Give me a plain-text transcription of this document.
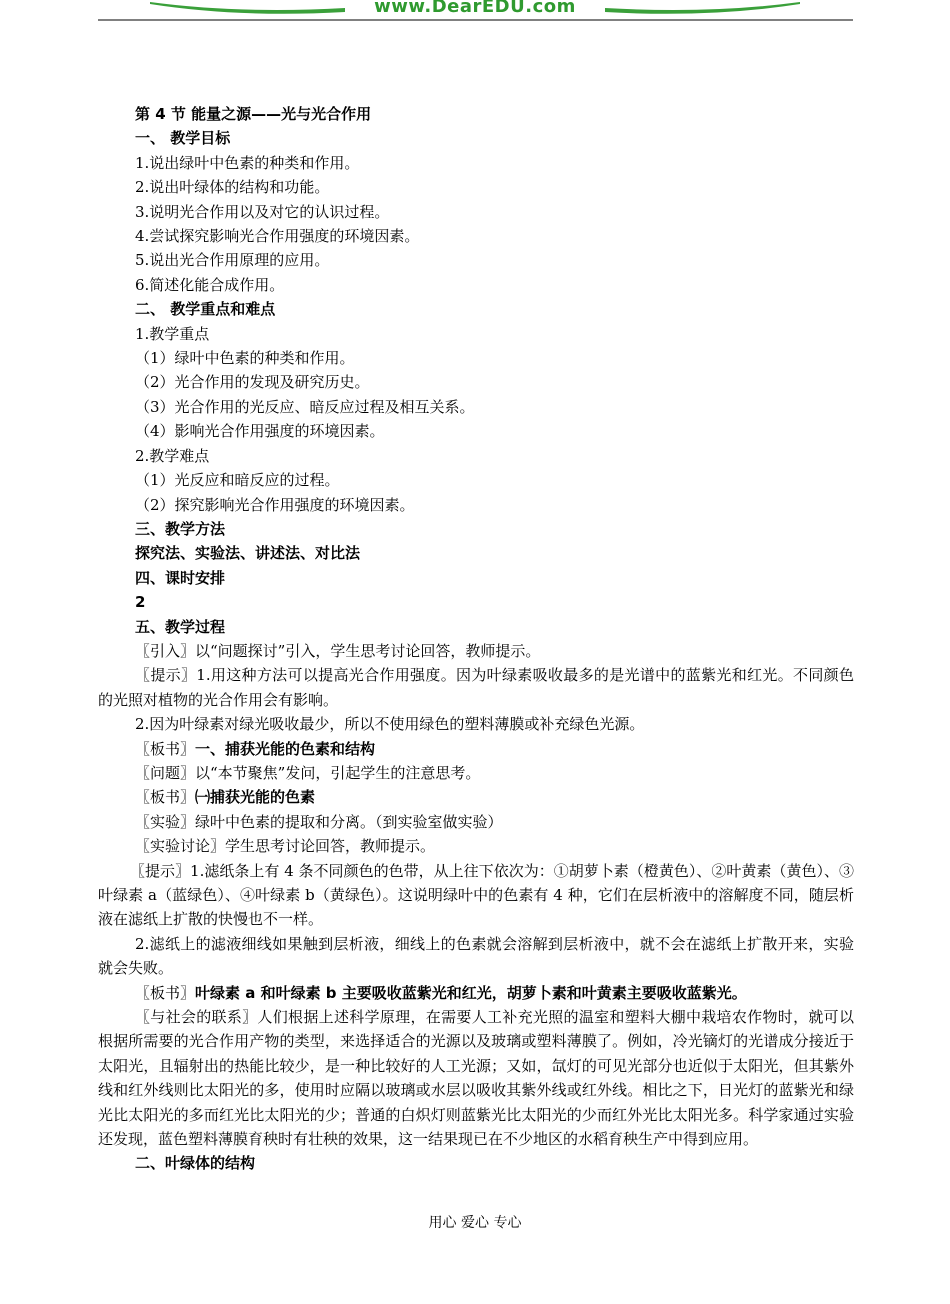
www.DearEDU.com

第 4 节 能量之源——光与光合作用

一、 教学目标

1.说出绿叶中色素的种类和作用。

2.说出叶绿体的结构和功能。

3.说明光合作用以及对它的认识过程。

4.尝试探究影响光合作用强度的环境因素。

5.说出光合作用原理的应用。

6.简述化能合成作用。

二、 教学重点和难点

1.教学重点

（1）绿叶中色素的种类和作用。

（2）光合作用的发现及研究历史。

（3）光合作用的光反应、暗反应过程及相互关系。

（4）影响光合作用强度的环境因素。

2.教学难点

（1）光反应和暗反应的过程。

（2）探究影响光合作用强度的环境因素。

三、教学方法

探究法、实验法、讲述法、对比法

四、课时安排

2

五、教学过程

〖引入〗以“问题探讨”引入，学生思考讨论回答，教师提示。

〖提示〗1.用这种方法可以提高光合作用强度。因为叶绿素吸收最多的是光谱中的蓝紫光和红光。不同颜色的光照对植物的光合作用会有影响。

2.因为叶绿素对绿光吸收最少，所以不使用绿色的塑料薄膜或补充绿色光源。

〖板书〗一、捕获光能的色素和结构

〖问题〗以“本节聚焦”发问，引起学生的注意思考。

〖板书〗㈠捕获光能的色素

〖实验〗绿叶中色素的提取和分离。（到实验室做实验）

〖实验讨论〗学生思考讨论回答，教师提示。

〖提示〗1.滤纸条上有 4 条不同颜色的色带，从上往下依次为：①胡萝卜素（橙黄色）、②叶黄素（黄色）、③叶绿素 a（蓝绿色）、④叶绿素 b（黄绿色）。这说明绿叶中的色素有 4 种，它们在层析液中的溶解度不同，随层析液在滤纸上扩散的快慢也不一样。

2.滤纸上的滤液细线如果触到层析液，细线上的色素就会溶解到层析液中，就不会在滤纸上扩散开来，实验就会失败。

〖板书〗叶绿素 a 和叶绿素 b 主要吸收蓝紫光和红光，胡萝卜素和叶黄素主要吸收蓝紫光。

〖与社会的联系〗人们根据上述科学原理，在需要人工补充光照的温室和塑料大棚中栽培农作物时，就可以根据所需要的光合作用产物的类型，来选择适合的光源以及玻璃或塑料薄膜了。例如，冷光镝灯的光谱成分接近于太阳光，且辐射出的热能比较少，是一种比较好的人工光源；又如，氙灯的可见光部分也近似于太阳光，但其紫外线和红外线则比太阳光的多，使用时应隔以玻璃或水层以吸收其紫外线或红外线。相比之下，日光灯的蓝紫光和绿光比太阳光的多而红光比太阳光的少；普通的白炽灯则蓝紫光比太阳光的少而红外光比太阳光多。科学家通过实验还发现，蓝色塑料薄膜育秧时有壮秧的效果，这一结果现已在不少地区的水稻育秧生产中得到应用。

二、叶绿体的结构

用心 爱心 专心
